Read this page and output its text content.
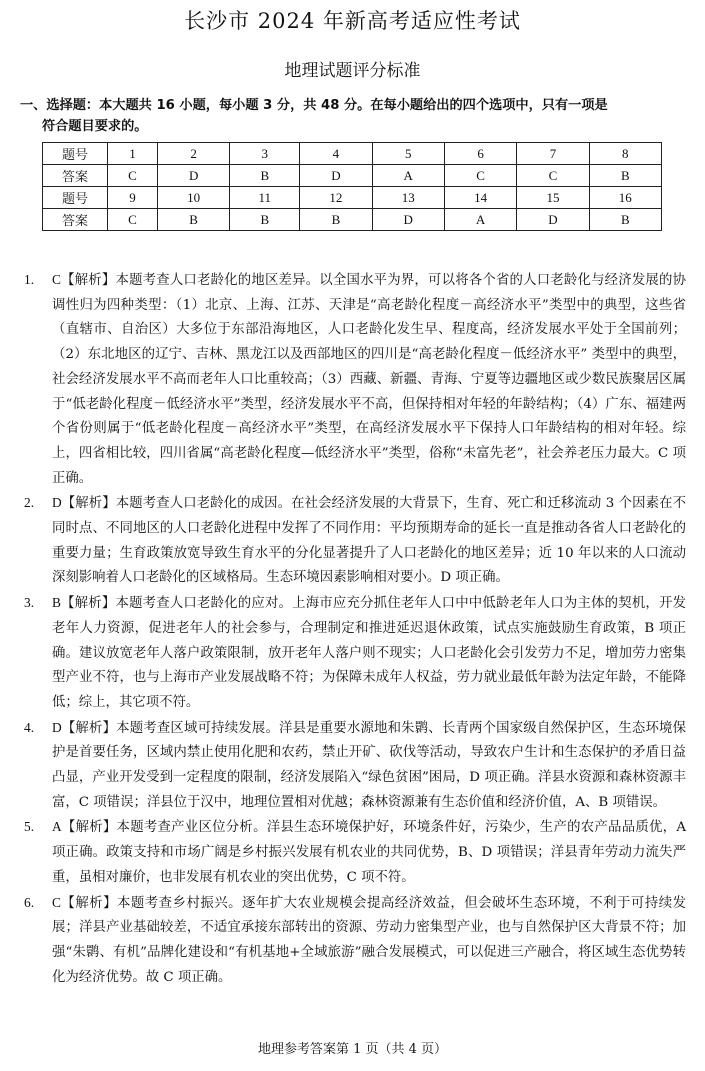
长沙市 2024 年新高考适应性考试
地理试题评分标准
一、选择题：本大题共 16 小题，每小题 3 分，共 48 分。在每小题给出的四个选项中，只有一项是

符合题目要求的。
题号	1	2	3	4	5	6	7	8
答案	C	D	B	D	A	C	C	B
题号	9	10	11	12	13	14	15	16
答案	C	B	B	B	D	A	D	B
1.	C【解析】本题考查人口老龄化的地区差异。以全国水平为界，可以将各个省的人口老龄化与经济发展的协调性归为四种类型：（1）北京、上海、江苏、天津是“高老龄化程度－高经济水平”类型中的典型，这些省（直辖市、自治区）大多位于东部沿海地区，人口老龄化发生早、程度高，经济发展水平处于全国前列；（2）东北地区的辽宁、吉林、黑龙江以及西部地区的四川是“高老龄化程度－低经济水平” 类型中的典型，社会经济发展水平不高而老年人口比重较高；（3）西藏、新疆、青海、宁夏等边疆地区或少数民族聚居区属于“低老龄化程度－低经济水平”类型，经济发展水平不高，但保持相对年轻的年龄结构；（4）广东、福建两个省份则属于“低老龄化程度－高经济水平”类型，在高经济发展水平下保持人口年龄结构的相对年轻。综上，四省相比较，四川省属“高老龄化程度—低经济水平”类型，俗称“未富先老”，社会养老压力最大。C 项正确。
2.	D【解析】本题考查人口老龄化的成因。在社会经济发展的大背景下，生育、死亡和迁移流动 3 个因素在不同时点、不同地区的人口老龄化进程中发挥了不同作用：平均预期寿命的延长一直是推动各省人口老龄化的重要力量；生育政策放宽导致生育水平的分化显著提升了人口老龄化的地区差异；近 10 年以来的人口流动深刻影响着人口老龄化的区域格局。生态环境因素影响相对要小。D 项正确。
3.	B【解析】本题考查人口老龄化的应对。上海市应充分抓住老年人口中中低龄老年人口为主体的契机，开发老年人力资源，促进老年人的社会参与，合理制定和推进延迟退休政策，试点实施鼓励生育政策，B 项正确。建议放宽老年人落户政策限制，放开老年人落户则不现实；人口老龄化会引发劳力不足，增加劳力密集型产业不符，也与上海市产业发展战略不符；为保障未成年人权益，劳力就业最低年龄为法定年龄，不能降低；综上，其它项不符。
4.	D【解析】本题考查区域可持续发展。洋县是重要水源地和朱鹮、长青两个国家级自然保护区，生态环境保护是首要任务，区域内禁止使用化肥和农药，禁止开矿、砍伐等活动，导致农户生计和生态保护的矛盾日益凸显，产业开发受到一定程度的限制，经济发展陷入“绿色贫困”困局，D 项正确。洋县水资源和森林资源丰富，C 项错误；洋县位于汉中，地理位置相对优越；森林资源兼有生态价值和经济价值，A、B 项错误。
5.	A【解析】本题考查产业区位分析。洋县生态环境保护好，环境条件好，污染少，生产的农产品品质优，A 项正确。政策支持和市场广阔是乡村振兴发展有机农业的共同优势，B、D 项错误；洋县青年劳动力流失严重，虽相对廉价，也非发展有机农业的突出优势，C 项不符。
6.	C【解析】本题考查乡村振兴。逐年扩大农业规模会提高经济效益，但会破坏生态环境，不利于可持续发展；洋县产业基础较差，不适宜承接东部转出的资源、劳动力密集型产业，也与自然保护区大背景不符；加强“朱鹮、有机”品牌化建设和“有机基地+全域旅游”融合发展模式，可以促进三产融合，将区域生态优势转化为经济优势。故 C 项正确。
地理参考答案第 1 页（共 4 页）
